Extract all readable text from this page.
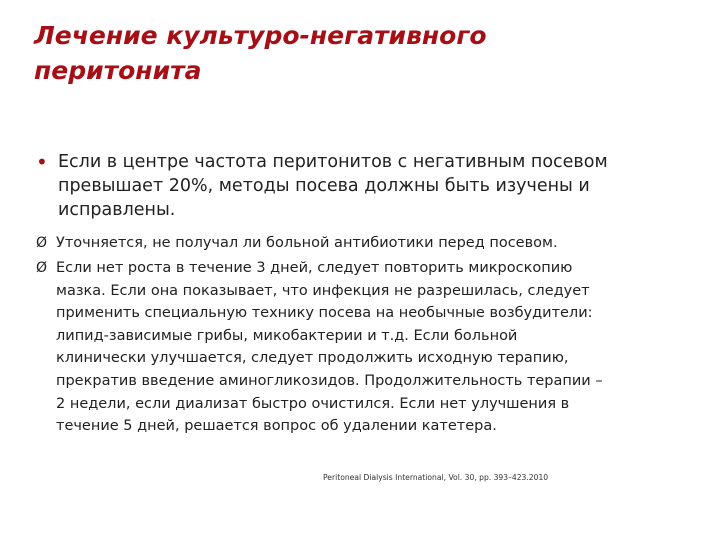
Лечение культуро-негативного
перитонита
• Если в центре частота перитонитов с негативным посевом
превышает 20%, методы посева должны быть изучены и
исправлены.
Ø Уточняется, не получал ли больной антибиотики перед посевом.
Ø Если нет роста в течение 3 дней, следует повторить микроскопию
мазка. Если она показывает, что инфекция не разрешилась, следует
применить специальную технику посева на необычные возбудители:
липид-зависимые грибы, микобактерии и т.д. Если больной
клинически улучшается, следует продолжить исходную терапию,
прекратив введение аминогликозидов. Продолжительность терапии –
2 недели, если диализат быстро очистился. Если нет улучшения в
течение 5 дней, решается вопрос об удалении катетера.
Peritoneal Dialysis International, Vol. 30, pp. 393–423.2010
